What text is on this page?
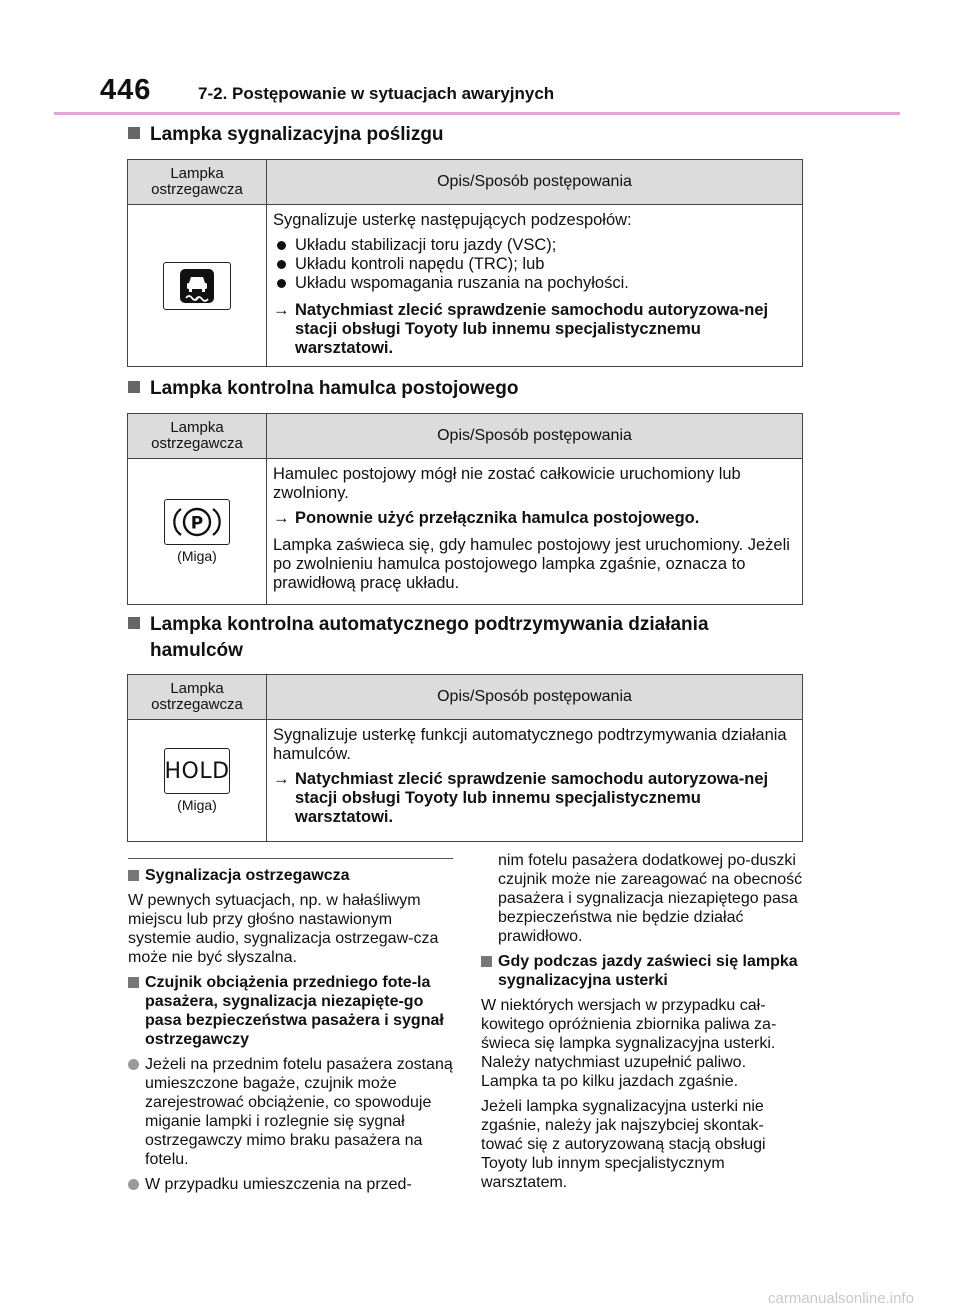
446	7-2. Postępowanie w sytuacjach awaryjnych
Lampka sygnalizacyjna poślizgu
Lampka ostrzegawcza	Opis/Sposób postępowania

Sygnalizuje usterkę następujących podzespołów:

Układu stabilizacji toru jazdy (VSC);
Układu kontroli napędu (TRC); lub
Układu wspomagania ruszania na pochyłości.
→ Natychmiast zlecić sprawdzenie samochodu autoryzowa-nej stacji obsługi Toyoty lub innemu specjalistycznemu warsztatowi.
Lampka kontrolna hamulca postojowego
Lampka ostrzegawcza	Opis/Sposób postępowania
P
(Miga)

Hamulec postojowy mógł nie zostać całkowicie uruchomiony lub zwolniony.

→ Ponownie użyć przełącznika hamulca postojowego.

Lampka zaświeca się, gdy hamulec postojowy jest uruchomiony. Jeżeli po zwolnieniu hamulca postojowego lampka zgaśnie, oznacza to prawidłową pracę układu.

Lampka kontrolna automatycznego podtrzymywania działania
hamulców
Lampka ostrzegawcza	Opis/Sposób postępowania
HOLD
(Miga)

Sygnalizuje usterkę funkcji automatycznego podtrzymywania działania hamulców.

→ Natychmiast zlecić sprawdzenie samochodu autoryzowa-nej stacji obsługi Toyoty lub innemu specjalistycznemu warsztatowi.
Sygnalizacja ostrzegawcza

W pewnych sytuacjach, np. w hałaśliwym miejscu lub przy głośno nastawionym systemie audio, sygnalizacja ostrzegaw-cza może nie być słyszalna.

Czujnik obciążenia przedniego fote-la pasażera, sygnalizacja niezapięte-go pasa bezpieczeństwa pasażera i sygnał ostrzegawczy
Jeżeli na przednim fotelu pasażera zostaną umieszczone bagaże, czujnik może zarejestrować obciążenie, co spowoduje miganie lampki i rozlegnie się sygnał ostrzegawczy mimo braku pasażera na fotelu.
W przypadku umieszczenia na przed-

nim fotelu pasażera dodatkowej po-duszki czujnik może nie zareagować na obecność pasażera i sygnalizacja niezapiętego pasa bezpieczeństwa nie będzie działać prawidłowo.

Gdy podczas jazdy zaświeci się lampka sygnalizacyjna usterki

W niektórych wersjach w przypadku cał-kowitego opróżnienia zbiornika paliwa za-świeca się lampka sygnalizacyjna usterki. Należy natychmiast uzupełnić paliwo. Lampka ta po kilku jazdach zgaśnie.

Jeżeli lampka sygnalizacyjna usterki nie zgaśnie, należy jak najszybciej skontak-tować się z autoryzowaną stacją obsługi Toyoty lub innym specjalistycznym warsztatem.

carmanualsonline.info
